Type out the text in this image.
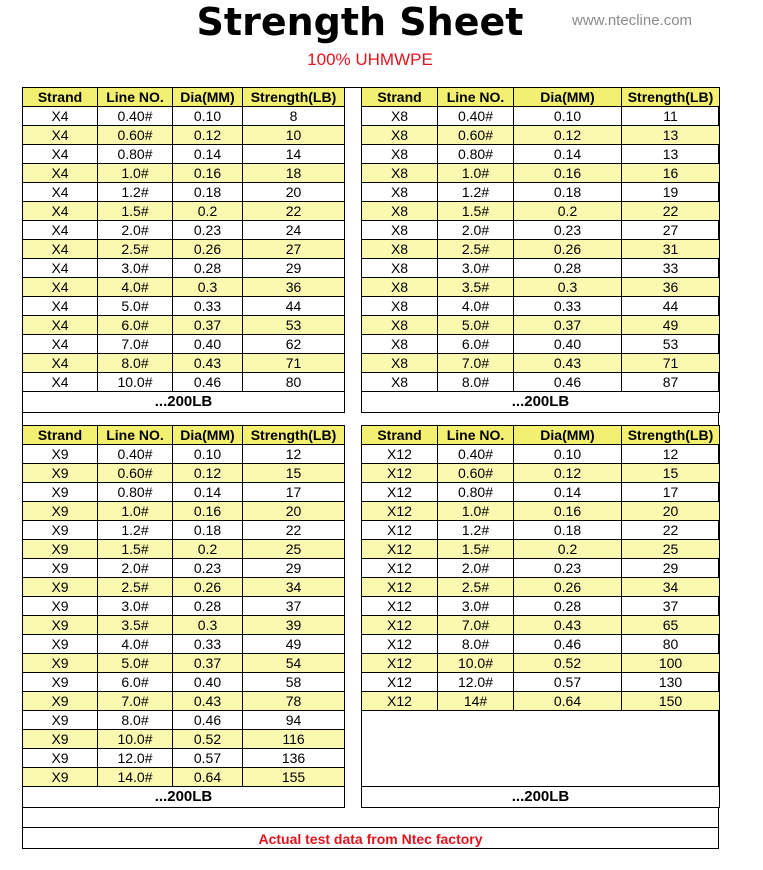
Strength Sheet	www.ntecline.com
100% UHMWPE
Strand	Line NO.	Dia(MM)	Strength(LB)
X4	0.40#	0.10	8
X4	0.60#	0.12	10
X4	0.80#	0.14	14
X4	1.0#	0.16	18
X4	1.2#	0.18	20
X4	1.5#	0.2	22
X4	2.0#	0.23	24
X4	2.5#	0.26	27
X4	3.0#	0.28	29
X4	4.0#	0.3	36
X4	5.0#	0.33	44
X4	6.0#	0.37	53
X4	7.0#	0.40	62
X4	8.0#	0.43	71
X4	10.0#	0.46	80
...200LB			
Strand	Line NO.	Dia(MM)	Strength(LB)
X8	0.40#	0.10	11
X8	0.60#	0.12	13
X8	0.80#	0.14	13
X8	1.0#	0.16	16
X8	1.2#	0.18	19
X8	1.5#	0.2	22
X8	2.0#	0.23	27
X8	2.5#	0.26	31
X8	3.0#	0.28	33
X8	3.5#	0.3	36
X8	4.0#	0.33	44
X8	5.0#	0.37	49
X8	6.0#	0.40	53
X8	7.0#	0.43	71
X8	8.0#	0.46	87
...200LB			
Strand	Line NO.	Dia(MM)	Strength(LB)
X9	0.40#	0.10	12
X9	0.60#	0.12	15
X9	0.80#	0.14	17
X9	1.0#	0.16	20
X9	1.2#	0.18	22
X9	1.5#	0.2	25
X9	2.0#	0.23	29
X9	2.5#	0.26	34
X9	3.0#	0.28	37
X9	3.5#	0.3	39
X9	4.0#	0.33	49
X9	5.0#	0.37	54
X9	6.0#	0.40	58
X9	7.0#	0.43	78
X9	8.0#	0.46	94
X9	10.0#	0.52	116
X9	12.0#	0.57	136
X9	14.0#	0.64	155
...200LB			
Strand	Line NO.	Dia(MM)	Strength(LB)
X12	0.40#	0.10	12
X12	0.60#	0.12	15
X12	0.80#	0.14	17
X12	1.0#	0.16	20
X12	1.2#	0.18	22
X12	1.5#	0.2	25
X12	2.0#	0.23	29
X12	2.5#	0.26	34
X12	3.0#	0.28	37
X12	7.0#	0.43	65
X12	8.0#	0.46	80
X12	10.0#	0.52	100
X12	12.0#	0.57	130
X12	14#	0.64	150

...200LB			
Actual test data from Ntec factory
